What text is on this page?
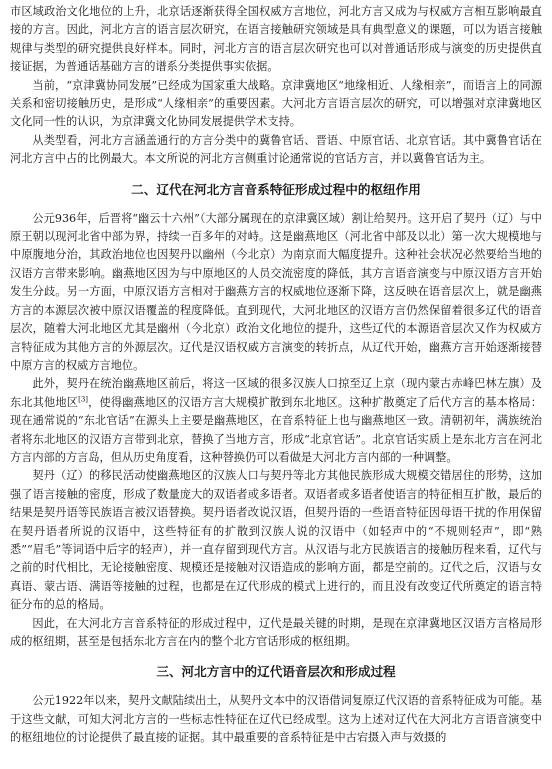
市区域政治文化地位的上升，北京话逐渐获得全国权威方言地位，河北方言又成为与权威方言相互影响最直接的方言。因此，河北方言的语言层次研究，在语言接触研究领域是具有典型意义的课题，可以为语言接触规律与类型的研究提供良好样本。同时，河北方言的语言层次研究也可以对普通话形成与演变的历史提供直接证据，为普通话基础方言的谱系分类提供事实依据。

当前，“京津冀协同发展”已经成为国家重大战略。京津冀地区“地缘相近、人缘相亲”，而语言上的同源关系和密切接触历史，是形成“人缘相亲”的重要因素。大河北方言语言层次的研究，可以增强对京津冀地区文化同一性的认识，为京津冀文化协同发展提供学术支持。

从类型看，河北方言涵盖通行的方言分类中的冀鲁官话、晋语、中原官话、北京官话。其中冀鲁官话在河北方言中占的比例最大。本文所说的河北方言侧重讨论通常说的官话方言，并以冀鲁官话为主。

二、辽代在河北方言音系特征形成过程中的枢纽作用

公元936年，后晋将“幽云十六州”（大部分属现在的京津冀区域）割让给契丹。这开启了契丹（辽）与中原王朝以现河北省中部为界，持续一百多年的对峙。这是幽燕地区（河北省中部及以北）第一次大规模地与中原腹地分治，其政治地位也因契丹以幽州（今北京）为南京而大幅度提升。这种社会状况必然要给当地的汉语方言带来影响。幽燕地区因为与中原地区的人员交流密度的降低，其方言语音演变与中原汉语方言开始发生分歧。另一方面，中原汉语方言相对于幽燕方言的权威地位逐渐下降，这反映在语音层次上，就是幽燕方言的本源层次被中原汉语覆盖的程度降低。直到现代，大河北地区的汉语方言仍然保留着很多辽代的语音层次，随着大河北地区尤其是幽州（今北京）政治文化地位的提升，这些辽代的本源语音层次又作为权威方言特征成为其他方言的外源层次。辽代是汉语权威方言演变的转折点，从辽代开始，幽燕方言开始逐渐接替中原方言的权威方言地位。

此外，契丹在统治幽燕地区前后，将这一区域的很多汉族人口掠至辽上京（现内蒙古赤峰巴林左旗）及东北其他地区[3]，使得幽燕地区的汉语方言大规模扩散到东北地区。这种扩散奠定了后代方言的基本格局：现在通常说的“东北官话”在源头上主要是幽燕地区，在音系特征上也与幽燕地区一致。清朝初年，满族统治者将东北地区的汉语方言带到北京，替换了当地方言，形成“北京官话”。北京官话实质上是东北方言在河北方言内部的方言岛，但从历史角度看，这种替换仍可以看做是大河北方言内部的一种调整。

契丹（辽）的移民活动使幽燕地区的汉族人口与契丹等北方其他民族形成大规模交错居住的形势，这加强了语言接触的密度，形成了数量庞大的双语者或多语者。双语者或多语者使语言的特征相互扩散，最后的结果是契丹语等民族语言被汉语替换。契丹语者改说汉语，但契丹语的一些语音特征因母语干扰的作用保留在契丹语者所说的汉语中，这些特征有的扩散到汉族人说的汉语中（如轻声中的“不规则轻声”，即“熟悉”“眉毛”等词语中后字的轻声），并一直存留到现代方言。从汉语与北方民族语言的接触历程来看，辽代与之前的时代相比，无论接触密度、规模还是接触对汉语造成的影响方面，都是空前的。辽代之后，汉语与女真语、蒙古语、满语等接触的过程，也都是在辽代形成的模式上进行的，而且没有改变辽代所奠定的语言特征分布的总的格局。

因此，在大河北方言音系特征的形成过程中，辽代是最关键的时期，是现在京津冀地区汉语方言格局形成的枢纽期，甚至是包括东北方言在内的整个北方官话形成的枢纽期。

三、河北方言中的辽代语音层次和形成过程

公元1922年以来，契丹文献陆续出土，从契丹文本中的汉语借词复原辽代汉语的音系特征成为可能。基于这些文献，可知大河北方言的一些标志性特征在辽代已经成型。这为上述对辽代在大河北方言语音演变中的枢纽地位的讨论提供了最直接的证据。其中最重要的音系特征是中古宕摄入声与效摄的
